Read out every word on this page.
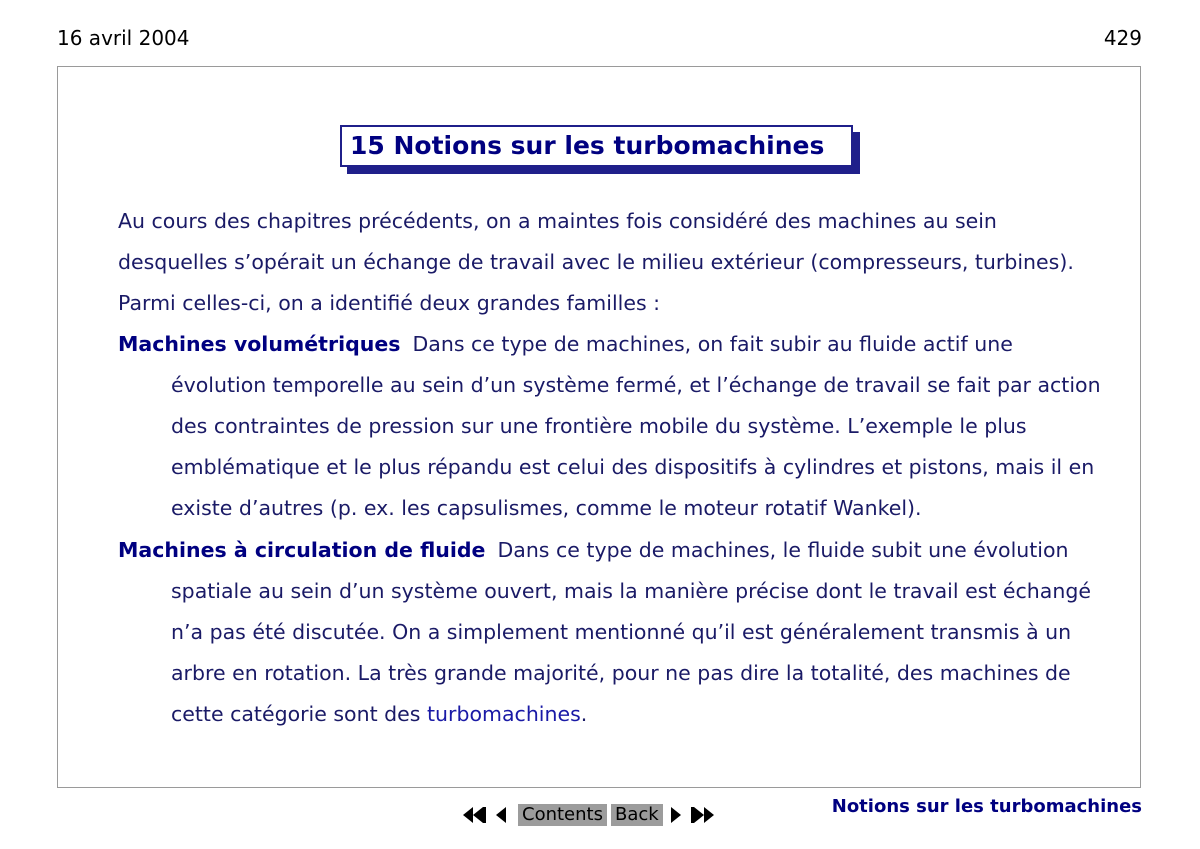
16 avril 2004	429
15 Notions sur les turbomachines

Au cours des chapitres précédents, on a maintes fois considéré des machines au sein desquelles s’opérait un échange de travail avec le milieu extérieur (compresseurs, turbines). Parmi celles-ci, on a identifié deux grandes familles :

Machines volumétriques Dans ce type de machines, on fait subir au fluide actif une évolution temporelle au sein d’un système fermé, et l’échange de travail se fait par action des contraintes de pression sur une frontière mobile du système. L’exemple le plus emblématique et le plus répandu est celui des dispositifs à cylindres et pistons, mais il en existe d’autres (p. ex. les capsulismes, comme le moteur rotatif Wankel).

Machines à circulation de fluide Dans ce type de machines, le fluide subit une évolution spatiale au sein d’un système ouvert, mais la manière précise dont le travail est échangé n’a pas été discutée. On a simplement mentionné qu’il est généralement transmis à un arbre en rotation. La très grande majorité, pour ne pas dire la totalité, des machines de cette catégorie sont des turbomachines.

Contents Back	Notions sur les turbomachines
